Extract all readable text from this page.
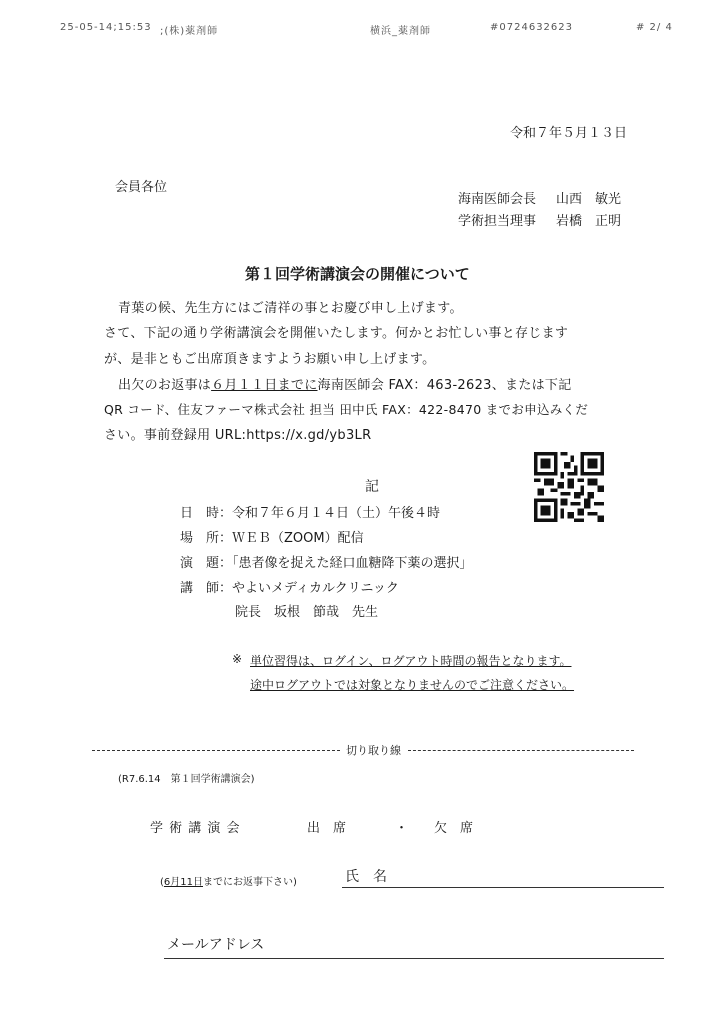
25-05-14;15:53 ;(株)薬剤師	横浜_薬剤師	#0724632623	# 2/ 4
令和７年５月１３日
会員各位
海南医師会長 山西　敏光
学術担当理事 岩橋　正明
第１回学術講演会の開催について
青葉の候、先生方にはご清祥の事とお慶び申し上げます。
さて、下記の通り学術講演会を開催いたします。何かとお忙しい事と存じます
が、是非ともご出席頂きますようお願い申し上げます。
出欠のお返事は６月１１日までに海南医師会 FAX：463-2623、または下記
QR コード、住友ファーマ株式会社 担当 田中氏 FAX：422-8470 までお申込みくだ
さい。事前登録用 URL:https://x.gd/yb3LR
記
日　時：令和７年６月１４日（土）午後４時
場　所：ＷＥＢ（ZOOM）配信
演　題：「患者像を捉えた経口血糖降下薬の選択」
講　師：やよいメディカルクリニック
院長　坂根　節哉　先生
※ 単位習得は、ログイン、ログアウト時間の報告となります。
途中ログアウトでは対象となりませんのでご注意ください。
切り取り線
(R7.6.14　第１回学術講演会)
学 術 講 演 会	出　席	・ 欠　席
(6月11日までにお返事下さい)	氏　名
メールアドレス
